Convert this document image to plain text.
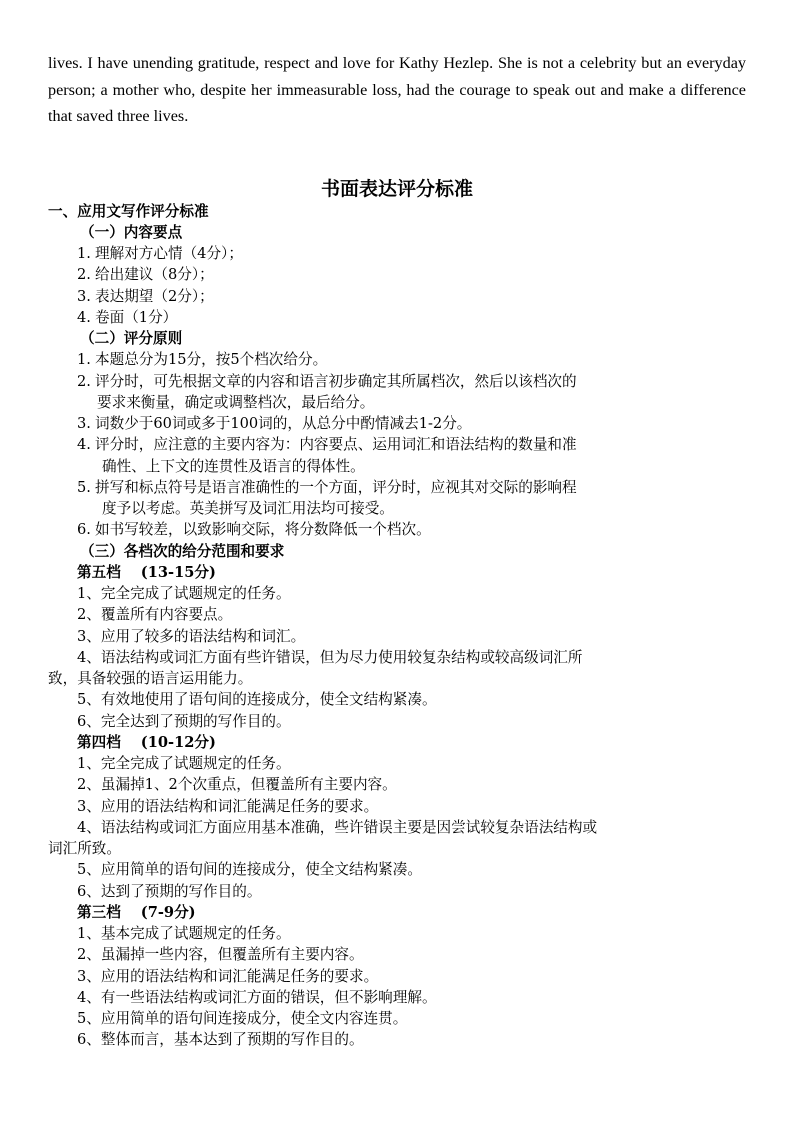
lives. I have unending gratitude, respect and love for Kathy Hezlep. She is not a celebrity but an everyday person; a mother who, despite her immeasurable loss, had the courage to speak out and make a difference that saved three lives.
书面表达评分标准
一、应用文写作评分标准
（一）内容要点
1. 理解对方心情（4分）；
2. 给出建议（8分）；
3. 表达期望（2分）；
4. 卷面（1分）
（二）评分原则
1. 本题总分为15分，按5个档次给分。
2. 评分时，可先根据文章的内容和语言初步确定其所属档次，然后以该档次的
要求来衡量，确定或调整档次，最后给分。
3. 词数少于60词或多于100词的，从总分中酌情减去1-2分。
4. 评分时，应注意的主要内容为：内容要点、运用词汇和语法结构的数量和准
确性、上下文的连贯性及语言的得体性。
5. 拼写和标点符号是语言准确性的一个方面，评分时，应视其对交际的影响程
度予以考虑。英美拼写及词汇用法均可接受。
6. 如书写较差，以致影响交际，将分数降低一个档次。
（三）各档次的给分范围和要求
第五档 (13-15分)
1、完全完成了试题规定的任务。
2、覆盖所有内容要点。
3、应用了较多的语法结构和词汇。
4、语法结构或词汇方面有些许错误，但为尽力使用较复杂结构或较高级词汇所
致，具备较强的语言运用能力。
5、有效地使用了语句间的连接成分，使全文结构紧凑。
6、完全达到了预期的写作目的。
第四档 (10-12分)
1、完全完成了试题规定的任务。
2、虽漏掉1、2个次重点，但覆盖所有主要内容。
3、应用的语法结构和词汇能满足任务的要求。
4、语法结构或词汇方面应用基本准确，些许错误主要是因尝试较复杂语法结构或
词汇所致。
5、应用简单的语句间的连接成分，使全文结构紧凑。
6、达到了预期的写作目的。
第三档 (7-9分)
1、基本完成了试题规定的任务。
2、虽漏掉一些内容，但覆盖所有主要内容。
3、应用的语法结构和词汇能满足任务的要求。
4、有一些语法结构或词汇方面的错误，但不影响理解。
5、应用简单的语句间连接成分，使全文内容连贯。
6、整体而言，基本达到了预期的写作目的。
